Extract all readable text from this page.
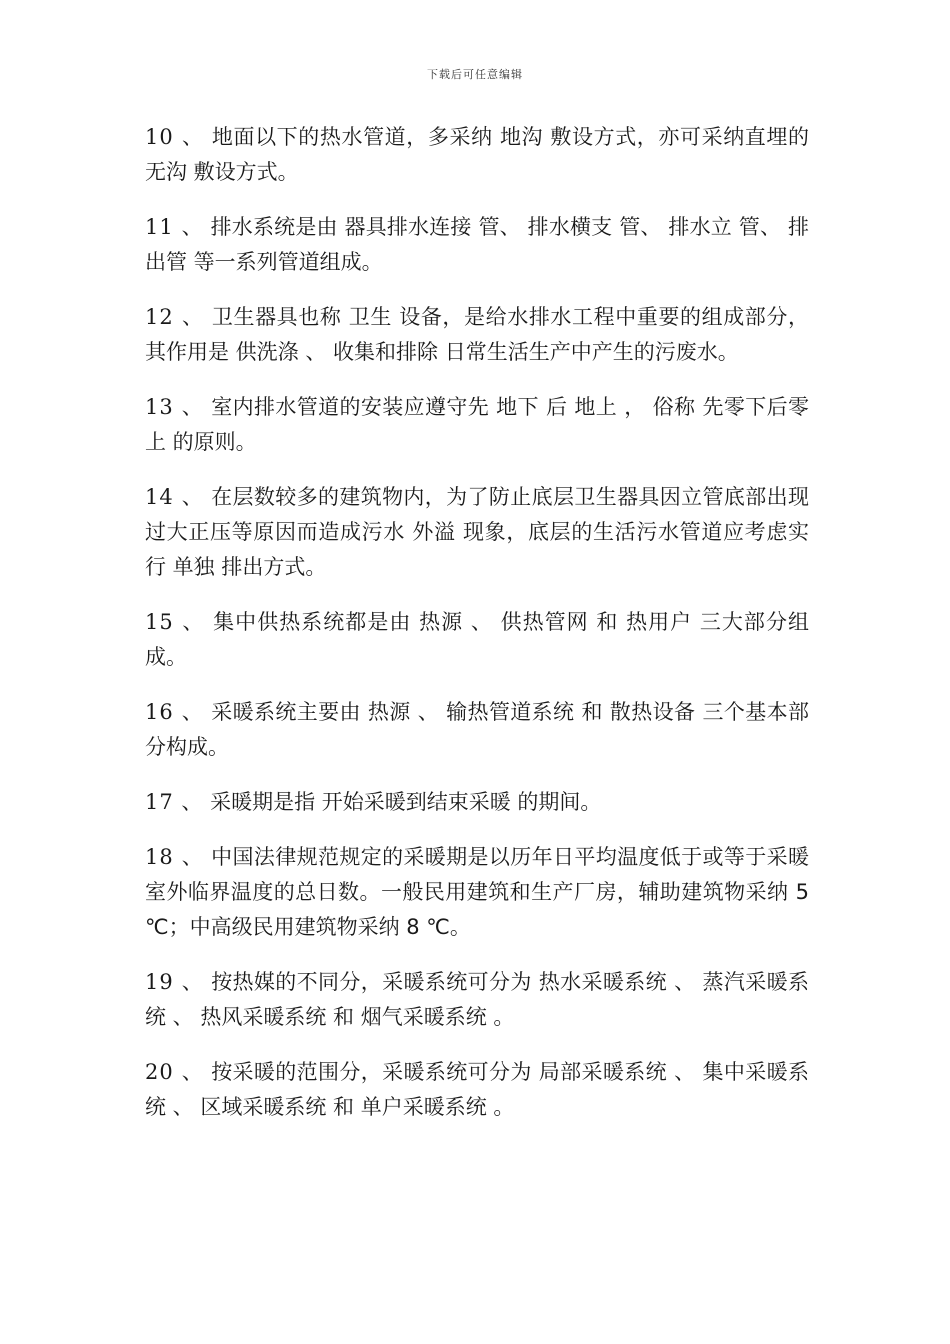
下载后可任意编辑

10 、 地面以下的热水管道，多采纳 地沟 敷设方式，亦可采纳直埋的 无沟 敷设方式。

11 、 排水系统是由 器具排水连接 管、 排水横支 管、 排水立 管、 排出管 等一系列管道组成。

12 、 卫生器具也称 卫生 设备，是给水排水工程中重要的组成部分，其作用是 供洗涤 、 收集和排除 日常生活生产中产生的污废水。

13 、 室内排水管道的安装应遵守先 地下 后 地上 ， 俗称 先零下后零上 的原则。

14 、 在层数较多的建筑物内，为了防止底层卫生器具因立管底部出现过大正压等原因而造成污水 外溢 现象，底层的生活污水管道应考虑实行 单独 排出方式。

15 、 集中供热系统都是由 热源 、 供热管网 和 热用户 三大部分组成。

16 、 采暖系统主要由 热源 、 输热管道系统 和 散热设备 三个基本部分构成。

17 、 采暖期是指 开始采暖到结束采暖 的期间。

18 、 中国法律规范规定的采暖期是以历年日平均温度低于或等于采暖室外临界温度的总日数。一般民用建筑和生产厂房，辅助建筑物采纳 5 ℃；中高级民用建筑物采纳 8 ℃。

19 、 按热媒的不同分，采暖系统可分为 热水采暖系统 、 蒸汽采暖系统 、 热风采暖系统 和 烟气采暖系统 。

20 、 按采暖的范围分，采暖系统可分为 局部采暖系统 、 集中采暖系统 、 区域采暖系统 和 单户采暖系统 。
